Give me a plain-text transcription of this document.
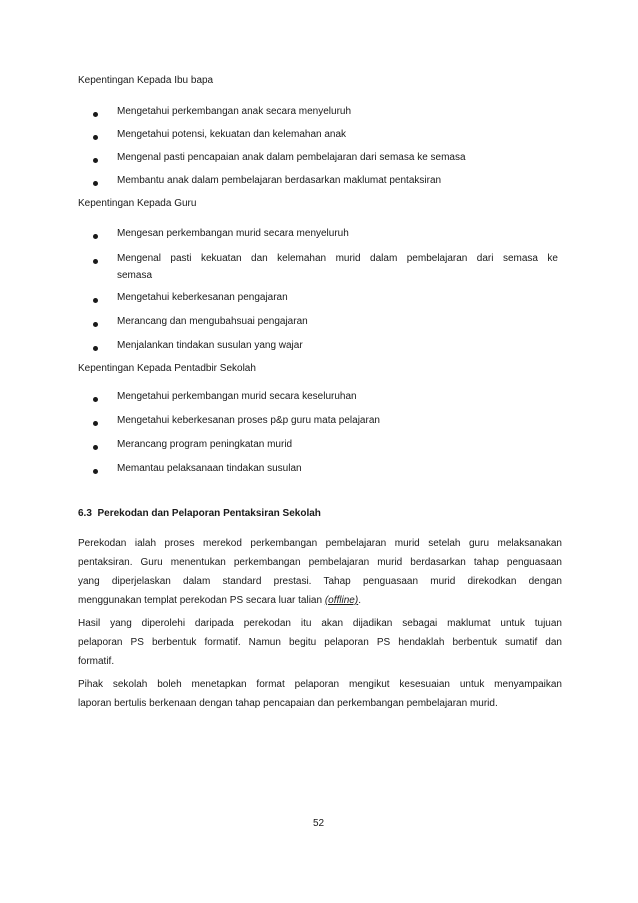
Kepentingan Kepada Ibu bapa
Mengetahui perkembangan anak secara menyeluruh
Mengetahui potensi, kekuatan dan kelemahan anak
Mengenal pasti pencapaian anak dalam pembelajaran dari semasa ke semasa
Membantu anak dalam pembelajaran berdasarkan maklumat pentaksiran
Kepentingan Kepada Guru
Mengesan perkembangan murid secara menyeluruh
Mengenal pasti kekuatan dan kelemahan murid dalam pembelajaran dari semasa ke
semasa
Mengetahui keberkesanan pengajaran
Merancang dan mengubahsuai pengajaran
Menjalankan tindakan susulan yang wajar
Kepentingan Kepada Pentadbir Sekolah
Mengetahui perkembangan murid secara keseluruhan
Mengetahui keberkesanan proses p&p guru mata pelajaran
Merancang program peningkatan murid
Memantau pelaksanaan tindakan susulan
6.3 Perekodan dan Pelaporan Pentaksiran Sekolah
Perekodan ialah proses merekod perkembangan pembelajaran murid setelah guru melaksanakan
pentaksiran. Guru menentukan perkembangan pembelajaran murid berdasarkan tahap penguasaan
yang diperjelaskan dalam standard prestasi. Tahap penguasaan murid direkodkan dengan
menggunakan templat perekodan PS secara luar talian (offline).
Hasil yang diperolehi daripada perekodan itu akan dijadikan sebagai maklumat untuk tujuan
pelaporan PS berbentuk formatif. Namun begitu pelaporan PS hendaklah berbentuk sumatif dan
formatif.
Pihak sekolah boleh menetapkan format pelaporan mengikut kesesuaian untuk menyampaikan
laporan bertulis berkenaan dengan tahap pencapaian dan perkembangan pembelajaran murid.
52
